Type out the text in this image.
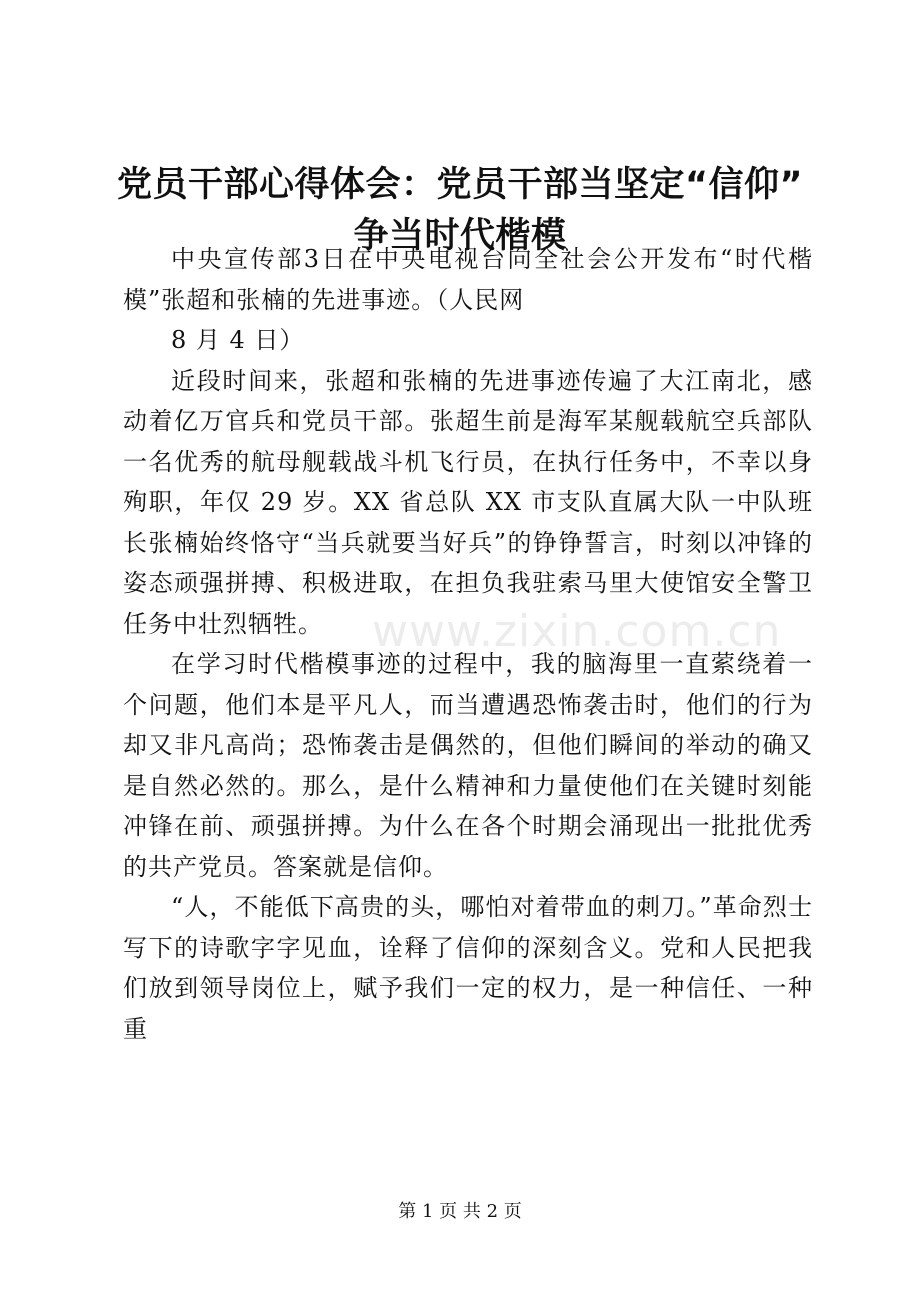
党员干部心得体会：党员干部当坚定“信仰”
争当时代楷模

中央宣传部3日在中央电视台向全社会公开发布“时代楷模”张超和张楠的先进事迹。（人民网

8 月 4 日）

近段时间来，张超和张楠的先进事迹传遍了大江南北，感动着亿万官兵和党员干部。张超生前是海军某舰载航空兵部队一名优秀的航母舰载战斗机飞行员，在执行任务中，不幸以身殉职，年仅 29 岁。XX 省总队 XX 市支队直属大队一中队班长张楠始终恪守“当兵就要当好兵”的铮铮誓言，时刻以冲锋的姿态顽强拼搏、积极进取，在担负我驻索马里大使馆安全警卫任务中壮烈牺牲。

在学习时代楷模事迹的过程中，我的脑海里一直萦绕着一个问题，他们本是平凡人，而当遭遇恐怖袭击时，他们的行为却又非凡高尚；恐怖袭击是偶然的，但他们瞬间的举动的确又是自然必然的。那么，是什么精神和力量使他们在关键时刻能冲锋在前、顽强拼搏。为什么在各个时期会涌现出一批批优秀的共产党员。答案就是信仰。

“人，不能低下高贵的头，哪怕对着带血的刺刀。”革命烈士写下的诗歌字字见血，诠释了信仰的深刻含义。党和人民把我们放到领导岗位上，赋予我们一定的权力，是一种信任、一种重

www.zixin.com.cn
第 1 页 共 2 页
